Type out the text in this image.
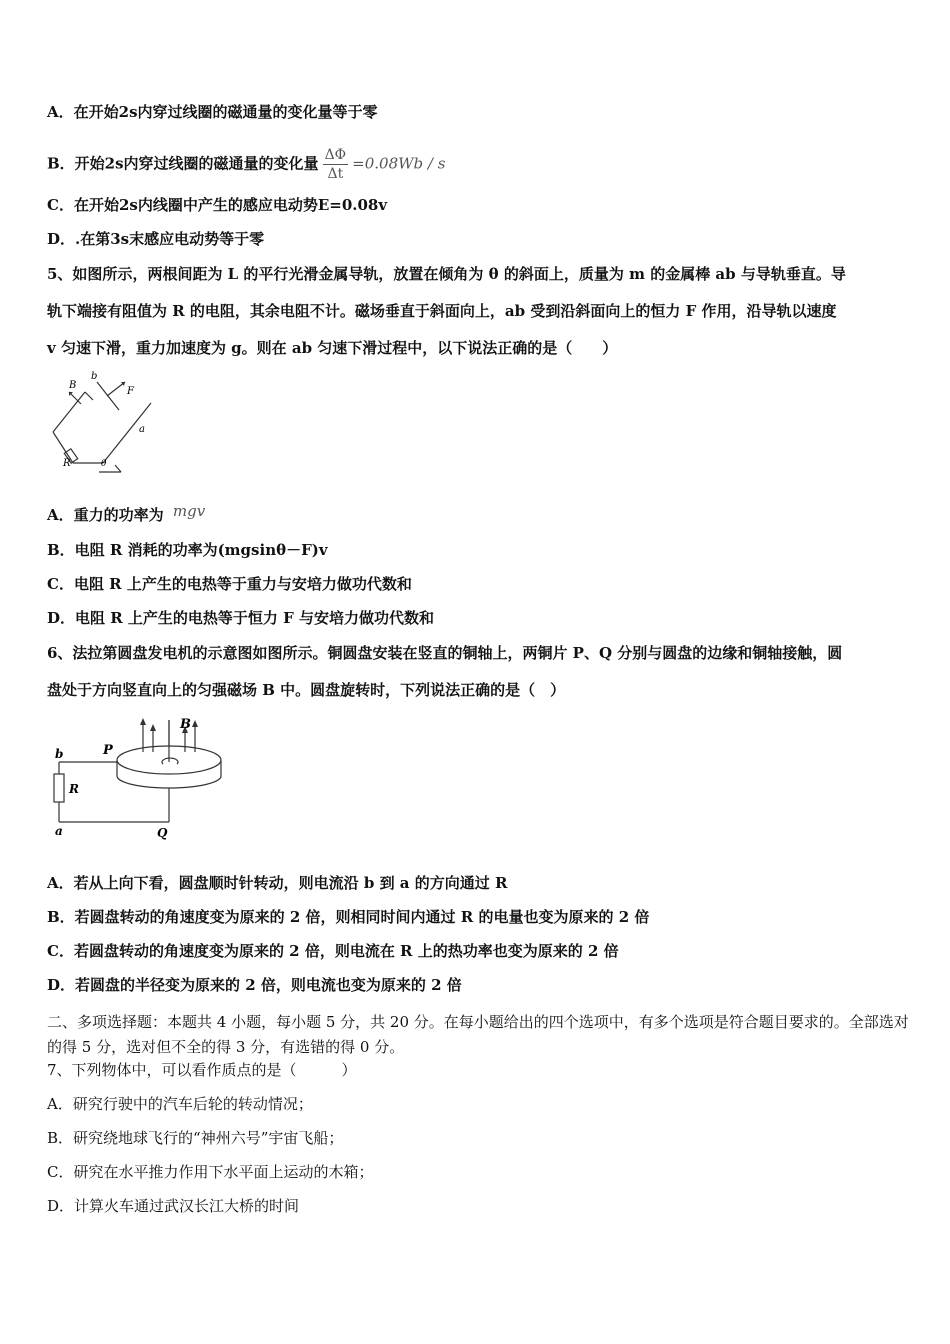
A．在开始2s内穿过线圈的磁通量的变化量等于零
B．开始2s内穿过线圈的磁通量的变化量 $\frac{\Delta\Phi}{\Delta t} =0.08Wb / s$
C．在开始2s内线圈中产生的感应电动势E=0.08v
D．.在第3s末感应电动势等于零
5、如图所示，两根间距为 L 的平行光滑金属导轨，放置在倾角为 θ 的斜面上，质量为 m 的金属棒 ab 与导轨垂直。导
轨下端接有阻值为 R 的电阻，其余电阻不计。磁场垂直于斜面向上，ab 受到沿斜面向上的恒力 F 作用，沿导轨以速度
v 匀速下滑，重力加速度为 g。则在 ab 匀速下滑过程中，以下说法正确的是（　　）
B
b
F
a
R	θ
A．重力的功率为 mgv
B．电阻 R 消耗的功率为(mgsinθ－F)v
C．电阻 R 上产生的电热等于重力与安培力做功代数和
D．电阻 R 上产生的电热等于恒力 F 与安培力做功代数和
6、法拉第圆盘发电机的示意图如图所示。铜圆盘安装在竖直的铜轴上，两铜片 P、Q 分别与圆盘的边缘和铜轴接触，圆
盘处于方向竖直向上的匀强磁场 B 中。圆盘旋转时，下列说法正确的是（　）
B
b	P
R
a	Q
A．若从上向下看，圆盘顺时针转动，则电流沿 b 到 a 的方向通过 R
B．若圆盘转动的角速度变为原来的 2 倍，则相同时间内通过 R 的电量也变为原来的 2 倍
C．若圆盘转动的角速度变为原来的 2 倍，则电流在 R 上的热功率也变为原来的 2 倍
D．若圆盘的半径变为原来的 2 倍，则电流也变为原来的 2 倍
二、多项选择题：本题共 4 小题，每小题 5 分，共 20 分。在每小题给出的四个选项中，有多个选项是符合题目要求的。全部选对的得 5 分，选对但不全的得 3 分，有选错的得 0 分。
7、下列物体中，可以看作质点的是（　　　）
A．研究行驶中的汽车后轮的转动情况；
B．研究绕地球飞行的“神州六号”宇宙飞船；
C．研究在水平推力作用下水平面上运动的木箱；
D．计算火车通过武汉长江大桥的时间
